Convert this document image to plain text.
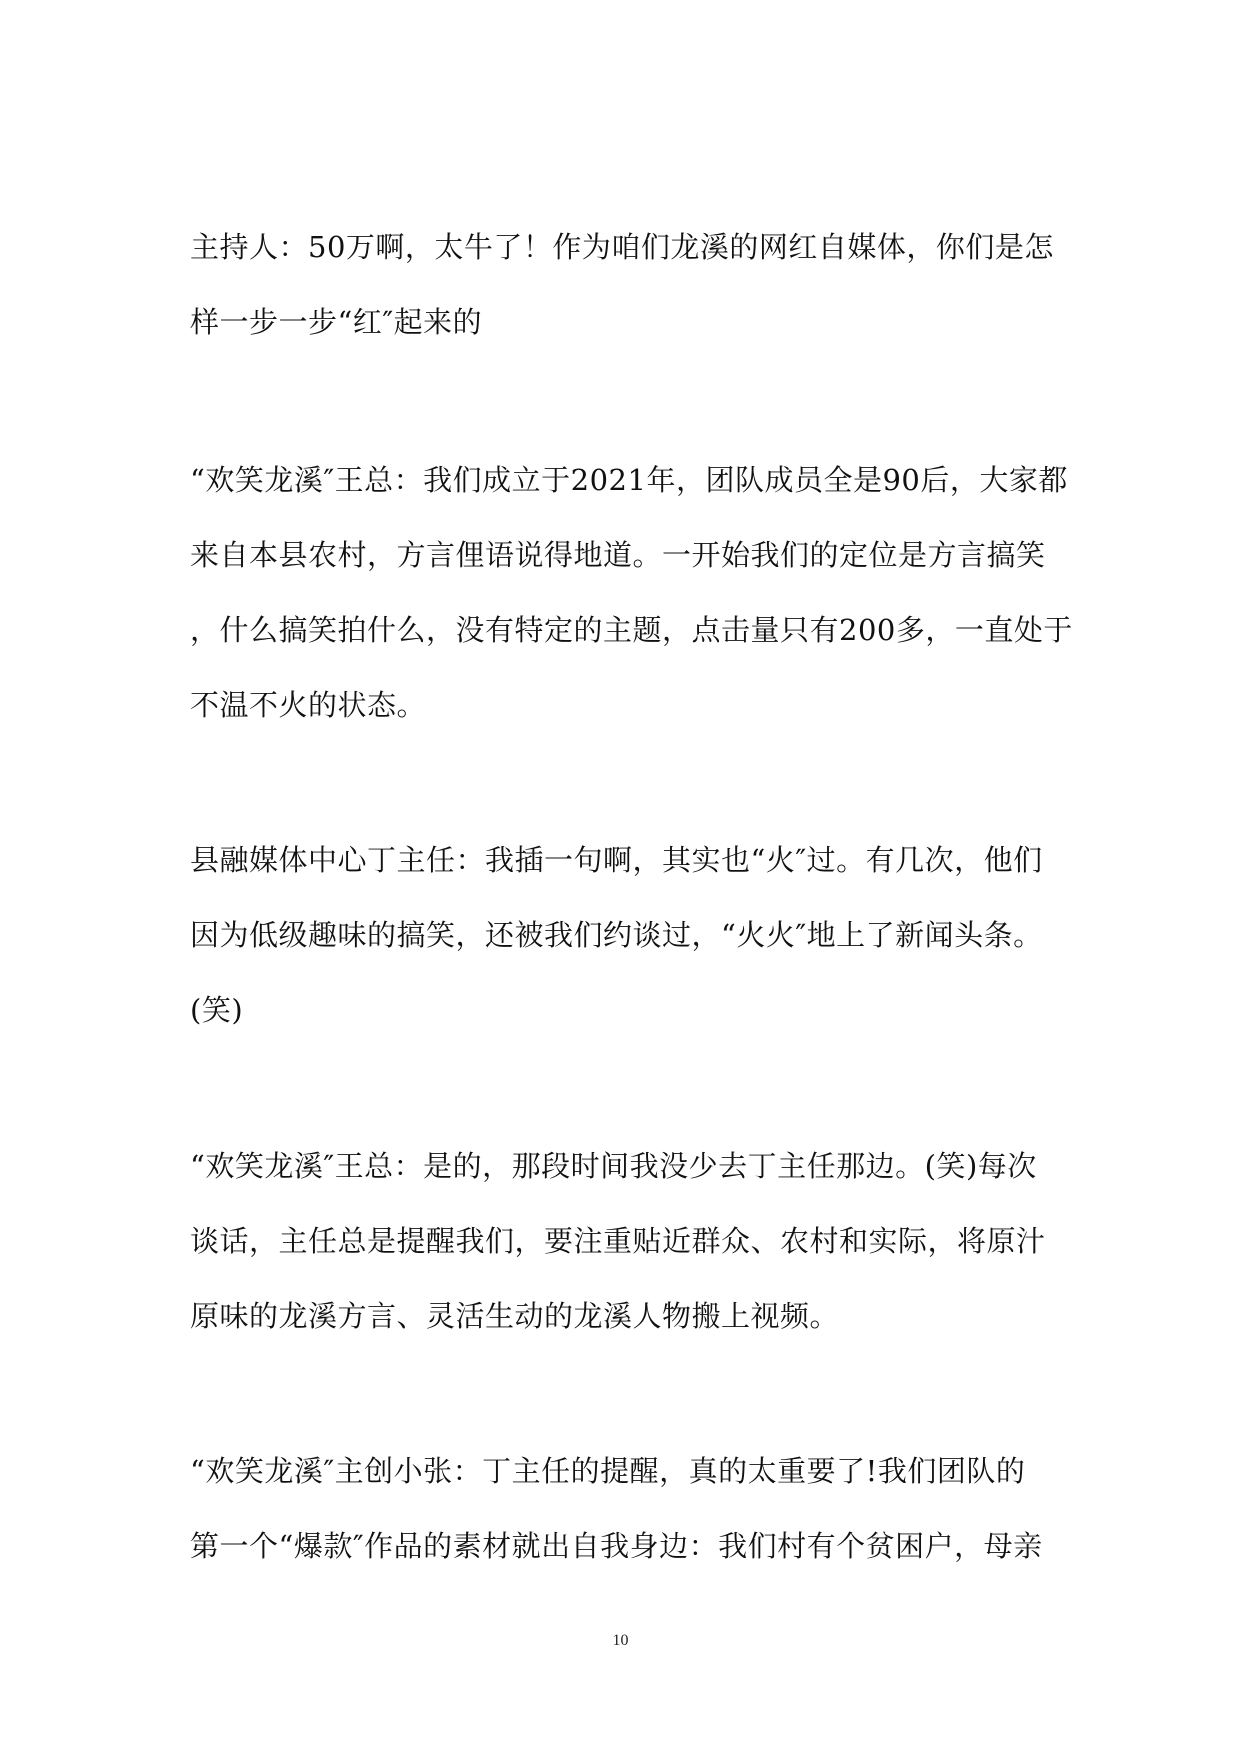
主持人：50万啊，太牛了！作为咱们龙溪的网红自媒体，你们是怎
样一步一步“红″起来的
“欢笑龙溪″王总：我们成立于2021年，团队成员全是90后，大家都
来自本县农村，方言俚语说得地道。一开始我们的定位是方言搞笑
，什么搞笑拍什么，没有特定的主题，点击量只有200多，一直处于
不温不火的状态。
县融媒体中心丁主任：我插一句啊，其实也“火″过。有几次，他们
因为低级趣味的搞笑，还被我们约谈过，“火火″地上了新闻头条。
(笑)
“欢笑龙溪″王总：是的，那段时间我没少去丁主任那边。(笑)每次
谈话，主任总是提醒我们，要注重贴近群众、农村和实际，将原汁
原味的龙溪方言、灵活生动的龙溪人物搬上视频。
“欢笑龙溪″主创小张：丁主任的提醒，真的太重要了!我们团队的
第一个“爆款″作品的素材就出自我身边：我们村有个贫困户，母亲
10
